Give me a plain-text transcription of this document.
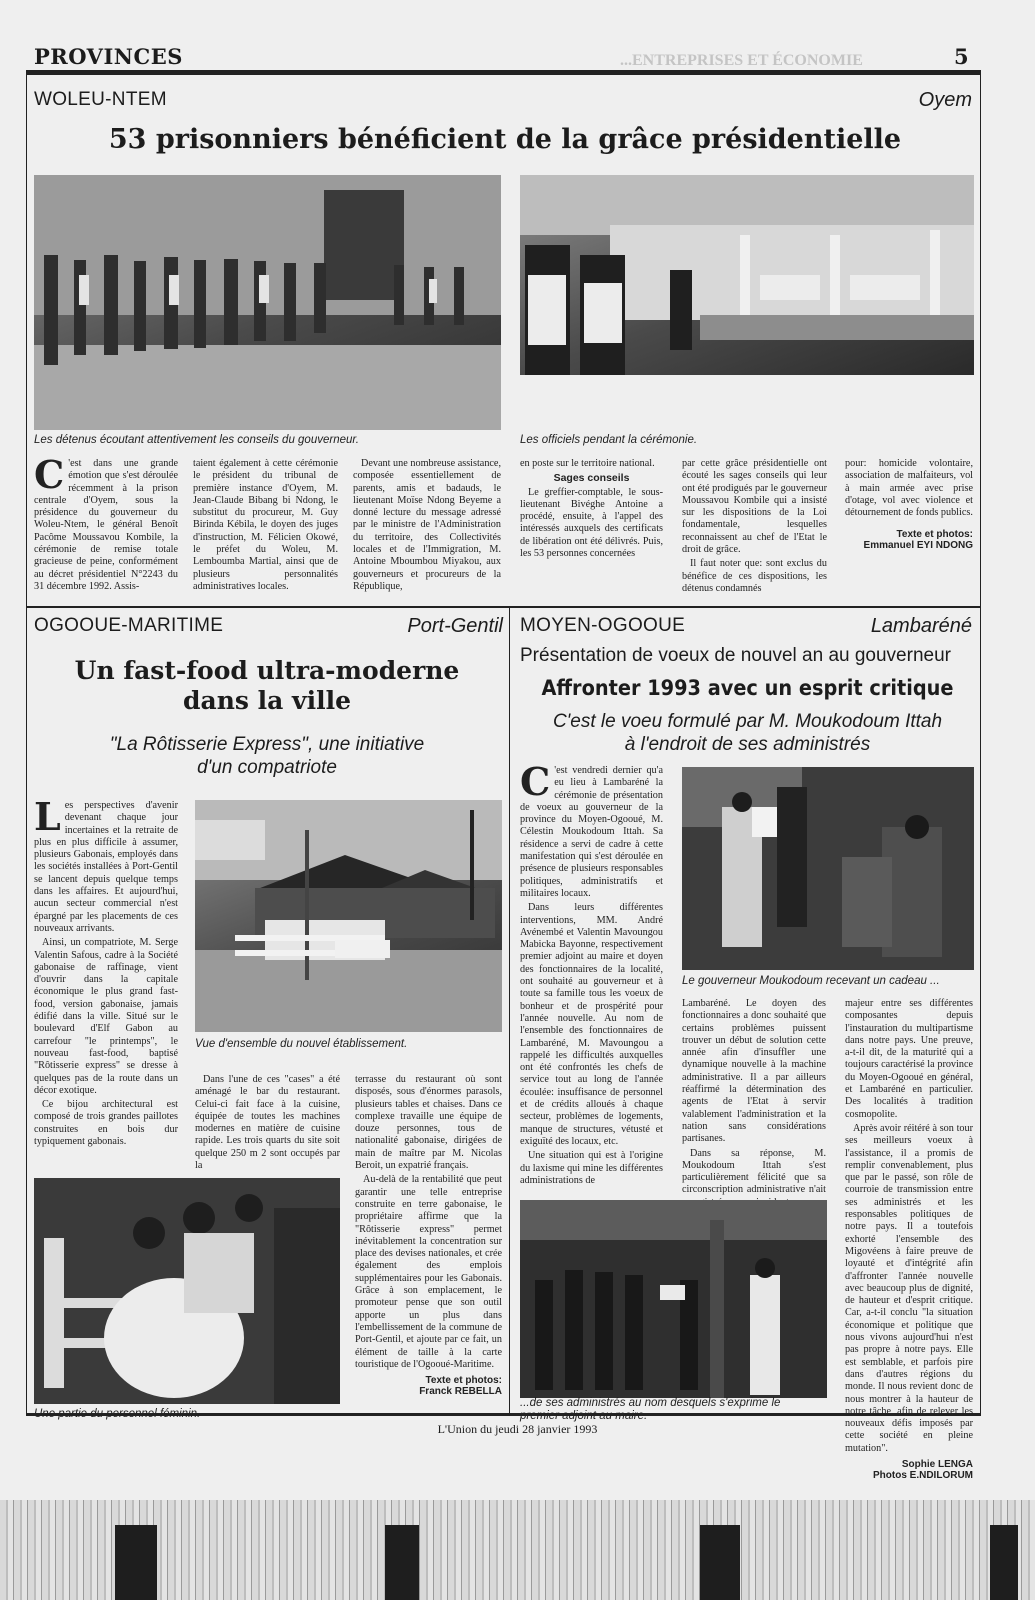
PROVINCES	...ENTREPRISES ET ÉCONOMIE	5
WOLEU-NTEM	Oyem
53 prisonniers bénéficient de la grâce présidentielle
Les détenus écoutant attentivement les conseils du gouverneur.	Les officiels pendant la cérémonie.

C 'est dans une grande émotion que s'est déroulée récemment à la prison centrale d'Oyem, sous la présidence du gouverneur du Woleu-Ntem, le général Benoît Pacôme Moussavou Kombile, la cérémonie de remise totale gracieuse de peine, conformément au décret présidentiel N°2243 du 31 décembre 1992. Assis-

taient également à cette cérémonie le président du tribunal de première instance d'Oyem, M. Jean-Claude Bibang bi Ndong, le substitut du procureur, M. Guy Birinda Kébila, le doyen des juges d'instruction, M. Félicien Okowé, le préfet du Woleu, M. Lemboumba Martial, ainsi que de plusieurs personnalités administratives locales.

Devant une nombreuse assistance, composée essentiellement de parents, amis et badauds, le lieutenant Moïse Ndong Beyeme a donné lecture du message adressé par le ministre de l'Administration du territoire, des Collectivités locales et de l'Immigration, M. Antoine Mboumbou Miyakou, aux gouverneurs et procureurs de la République,

en poste sur le territoire national.

Sages conseils

Le greffier-comptable, le sous-lieutenant Bivéghe Antoine a procédé, ensuite, à l'appel des intéressés auxquels des certificats de libération ont été délivrés. Puis, les 53 personnes concernées

par cette grâce présidentielle ont écouté les sages conseils qui leur ont été prodigués par le gouverneur Moussavou Kombile qui a insisté sur les dispositions de la Loi fondamentale, lesquelles reconnaissent au chef de l'Etat le droit de grâce.

Il faut noter que: sont exclus du bénéfice de ces dispositions, les détenus condamnés

pour: homicide volontaire, association de malfaiteurs, vol à main armée avec prise d'otage, vol avec violence et détournement de fonds publics.

Texte et photos:
Emmanuel EYI NDONG
OGOOUE-MARITIME	Port-Gentil
Un fast-food ultra-moderne
dans la ville
"La Rôtisserie Express", une initiative
d'un compatriote

Les perspectives d'avenir devenant chaque jour incertaines et la retraite de plus en plus difficile à assumer, plusieurs Gabonais, employés dans les sociétés installées à Port-Gentil se lancent depuis quelque temps dans les affaires. Et aujourd'hui, aucun secteur commercial n'est épargné par les placements de ces nouveaux arrivants.

Ainsi, un compatriote, M. Serge Valentin Safous, cadre à la Société gabonaise de raffinage, vient d'ouvrir dans la capitale économique le plus grand fast-food, version gabonaise, jamais édifié dans la ville. Situé sur le boulevard d'Elf Gabon au carrefour "le printemps", le nouveau fast-food, baptisé "Rôtisserie express" se dresse à quelques pas de la route dans un décor exotique.

Ce bijou architectural est composé de trois grandes paillotes construites en bois dur typiquement gabonais.

Vue d'ensemble du nouvel établissement.

Dans l'une de ces "cases" a été aménagé le bar du restaurant. Celui-ci fait face à la cuisine, équipée de toutes les machines modernes en matière de cuisine rapide. Les trois quarts du site soit quelque 250 m 2 sont occupés par la

terrasse du restaurant où sont disposés, sous d'énormes parasols, plusieurs tables et chaises. Dans ce complexe travaille une équipe de douze personnes, tous de nationalité gabonaise, dirigées de main de maître par M. Nicolas Beroit, un expatrié français.

Au-delà de la rentabilité que peut garantir une telle entreprise construite en terre gabonaise, le propriétaire affirme que la "Rôtisserie express" permet inévitablement la concentration sur place des devises nationales, et crée également des emplois supplémentaires pour les Gabonais. Grâce à son emplacement, le promoteur pense que son outil apporte un plus dans l'embellissement de la commune de Port-Gentil, et ajoute par ce fait, un élément de taille à la carte touristique de l'Ogooué-Maritime.

Texte et photos:
Franck REBELLA
Une partie du personnel féminin.
MOYEN-OGOOUE	Lambaréné
Présentation de voeux de nouvel an au gouverneur
Affronter 1993 avec un esprit critique
C'est le voeu formulé par M. Moukodoum Ittah
à l'endroit de ses administrés

C 'est vendredi dernier qu'a eu lieu à Lambaréné la cérémonie de présentation de voeux au gouverneur de la province du Moyen-Ogooué, M. Célestin Moukodoum Ittah. Sa résidence a servi de cadre à cette manifestation qui s'est déroulée en présence de plusieurs responsables politiques, administratifs et militaires locaux.

Dans leurs différentes interventions, MM. André Avénembé et Valentin Mavoungou Mabicka Bayonne, respectivement premier adjoint au maire et doyen des fonctionnaires de la localité, ont souhaité au gouverneur et à toute sa famille tous les voeux de bonheur et de prospérité pour l'année nouvelle. Au nom de l'ensemble des fonctionnaires de Lambaréné, M. Mavoungou a rappelé les difficultés auxquelles ont été confrontés les chefs de service tout au long de l'année écoulée: insuffisance de personnel et de crédits alloués à chaque secteur, problèmes de logements, manque de structures, vétusté et exiguïté des locaux, etc.

Une situation qui est à l'origine du laxisme qui mine les différentes administrations de

Le gouverneur Moukodoum recevant un cadeau ...

Lambaréné. Le doyen des fonctionnaires a donc souhaité que certains problèmes puissent trouver un début de solution cette année afin d'insuffler une dynamique nouvelle à la machine administrative. Il a par ailleurs réaffirmé la détermination des agents de l'Etat à servir valablement l'administration et la nation sans considérations partisanes.

Dans sa réponse, M. Moukodoum Ittah s'est particulièrement félicité que sa circonscription administrative n'ait

majeur entre ses différentes composantes depuis l'instauration du multipartisme dans notre pays. Une preuve, a-t-il dit, de la maturité qui a toujours caractérisé la province du Moyen-Ogooué en général, et Lambaréné en particulier. Des localités à tradition cosmopolite.

Après avoir réitéré à son tour ses meilleurs voeux à l'assistance, il a promis de remplir convenablement, plus que par le passé, son rôle de courroie de transmission entre ses administrés et les responsables politiques de notre pays. Il a toutefois exhorté l'ensemble des Migovéens à faire preuve de loyauté et d'intégrité afin d'affronter l'année nouvelle avec beaucoup plus de dignité, de hauteur et d'esprit critique. Car, a-t-il conclu "la situation économique et politique que nous vivons aujourd'hui n'est pas propre à notre pays. Elle est semblable, et parfois pire dans d'autres régions du monde. Il nous revient donc de nous montrer à la hauteur de notre tâche, afin de relever les nouveaux défis imposés par cette société en pleine mutation".

Sophie LENGA
Photos E.NDILORUM
...de ses administrés au nom desquels s'exprime le
premier adjoint au maire.
L'Union du jeudi 28 janvier 1993
